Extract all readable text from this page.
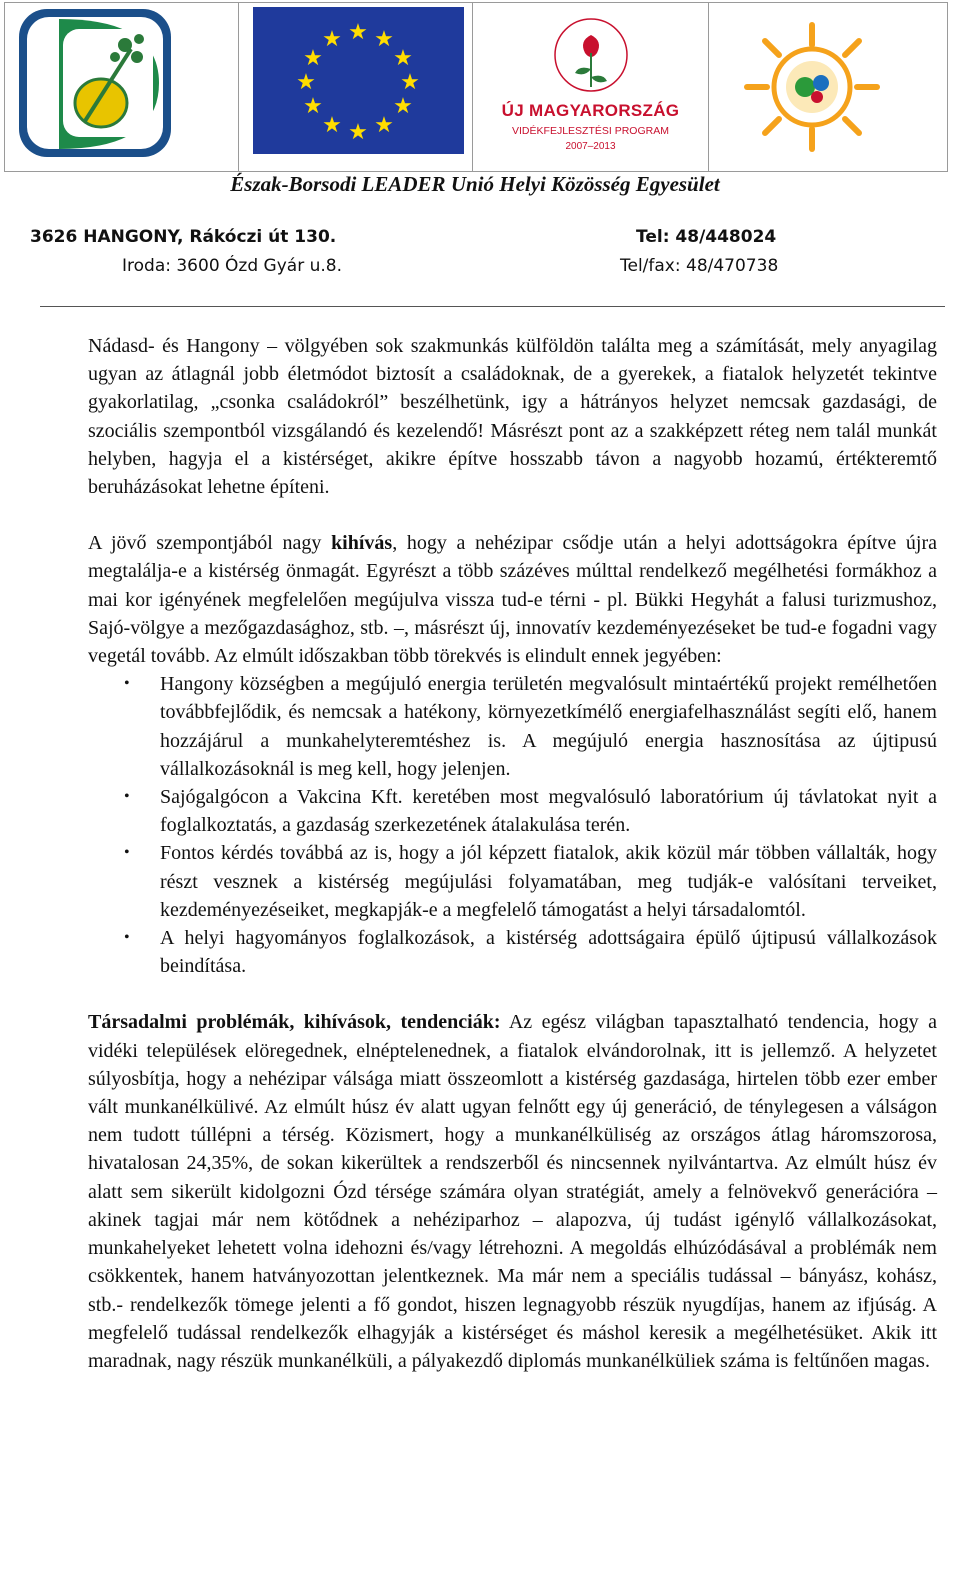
LEADER
★ ★
★
★
★
★
★
★
★
★
★
★
ÚJ MAGYARORSZÁG
VIDÉKFEJLESZTÉSI PROGRAM
2007–2013
Észak-Borsodi LEADER Unió Helyi Közösség Egyesület
3626 HANGONY, Rákóczi út 130.
Iroda: 3600 Ózd Gyár u.8.
Tel: 48/448024
Tel/fax: 48/470738

Nádasd- és Hangony – völgyében sok szakmunkás külföldön találta meg a számítását, mely anyagilag ugyan az átlagnál jobb életmódot biztosít a családoknak, de a gyerekek, a fiatalok helyzetét tekintve gyakorlatilag, „csonka családokról” beszélhetünk, igy a hátrányos helyzet nemcsak gazdasági, de szociális szempontból vizsgálandó és kezelendő! Másrészt pont az a szakképzett réteg nem talál munkát helyben, hagyja el a kistérséget, akikre építve hosszabb távon a nagyobb hozamú, értékteremtő beruházásokat lehetne építeni.

A jövő szempontjából nagy kihívás, hogy a nehézipar csődje után a helyi adottságokra építve újra megtalálja-e a kistérség önmagát. Egyrészt a több százéves múlttal rendelkező megélhetési formákhoz a mai kor igényének megfelelően megújulva vissza tud-e térni - pl. Bükki Hegyhát a falusi turizmushoz, Sajó-völgye a mezőgazdasághoz, stb. –, másrészt új, innovatív kezdeményezéseket be tud-e fogadni vagy vegetál tovább. Az elmúlt időszakban több törekvés is elindult ennek jegyében:

• Hangony községben a megújuló energia területén megvalósult mintaértékű projekt remélhetően továbbfejlődik, és nemcsak a hatékony, környezetkímélő energiafelhasználást segíti elő, hanem hozzájárul a munkahelyteremtéshez is. A megújuló energia hasznosítása az újtipusú vállalkozásoknál is meg kell, hogy jelenjen.
• Sajógalgócon a Vakcina Kft. keretében most megvalósuló laboratórium új távlatokat nyit a foglalkoztatás, a gazdaság szerkezetének átalakulása terén.
• Fontos kérdés továbbá az is, hogy a jól képzett fiatalok, akik közül már többen vállalták, hogy részt vesznek a kistérség megújulási folyamatában, meg tudják-e valósítani terveiket, kezdeményezéseiket, megkapják-e a megfelelő támogatást a helyi társadalomtól.
• A helyi hagyományos foglalkozások, a kistérség adottságaira épülő újtipusú vállalkozások beindítása.

Társadalmi problémák, kihívások, tendenciák: Az egész világban tapasztalható tendencia, hogy a vidéki települések elöregednek, elnéptelenednek, a fiatalok elvándorolnak, itt is jellemző. A helyzetet súlyosbítja, hogy a nehézipar válsága miatt összeomlott a kistérség gazdasága, hirtelen több ezer ember vált munkanélkülivé. Az elmúlt húsz év alatt ugyan felnőtt egy új generáció, de ténylegesen a válságon nem tudott túllépni a térség. Közismert, hogy a munkanélküliség az országos átlag háromszorosa, hivatalosan 24,35%, de sokan kikerültek a rendszerből és nincsennek nyilvántartva. Az elmúlt húsz év alatt sem sikerült kidolgozni Ózd térsége számára olyan stratégiát, amely a felnövekvő generációra – akinek tagjai már nem kötődnek a nehéziparhoz – alapozva, új tudást igénylő vállalkozásokat, munkahelyeket lehetett volna idehozni és/vagy létrehozni. A megoldás elhúzódásával a problémák nem csökkentek, hanem hatványozottan jelentkeznek. Ma már nem a speciális tudással – bányász, kohász, stb.- rendelkezők tömege jelenti a fő gondot, hiszen legnagyobb részük nyugdíjas, hanem az ifjúság. A megfelelő tudással rendelkezők elhagyják a kistérséget és máshol keresik a megélhetésüket. Akik itt maradnak, nagy részük munkanélküli, a pályakezdő diplomás munkanélküliek száma is feltűnően magas.
